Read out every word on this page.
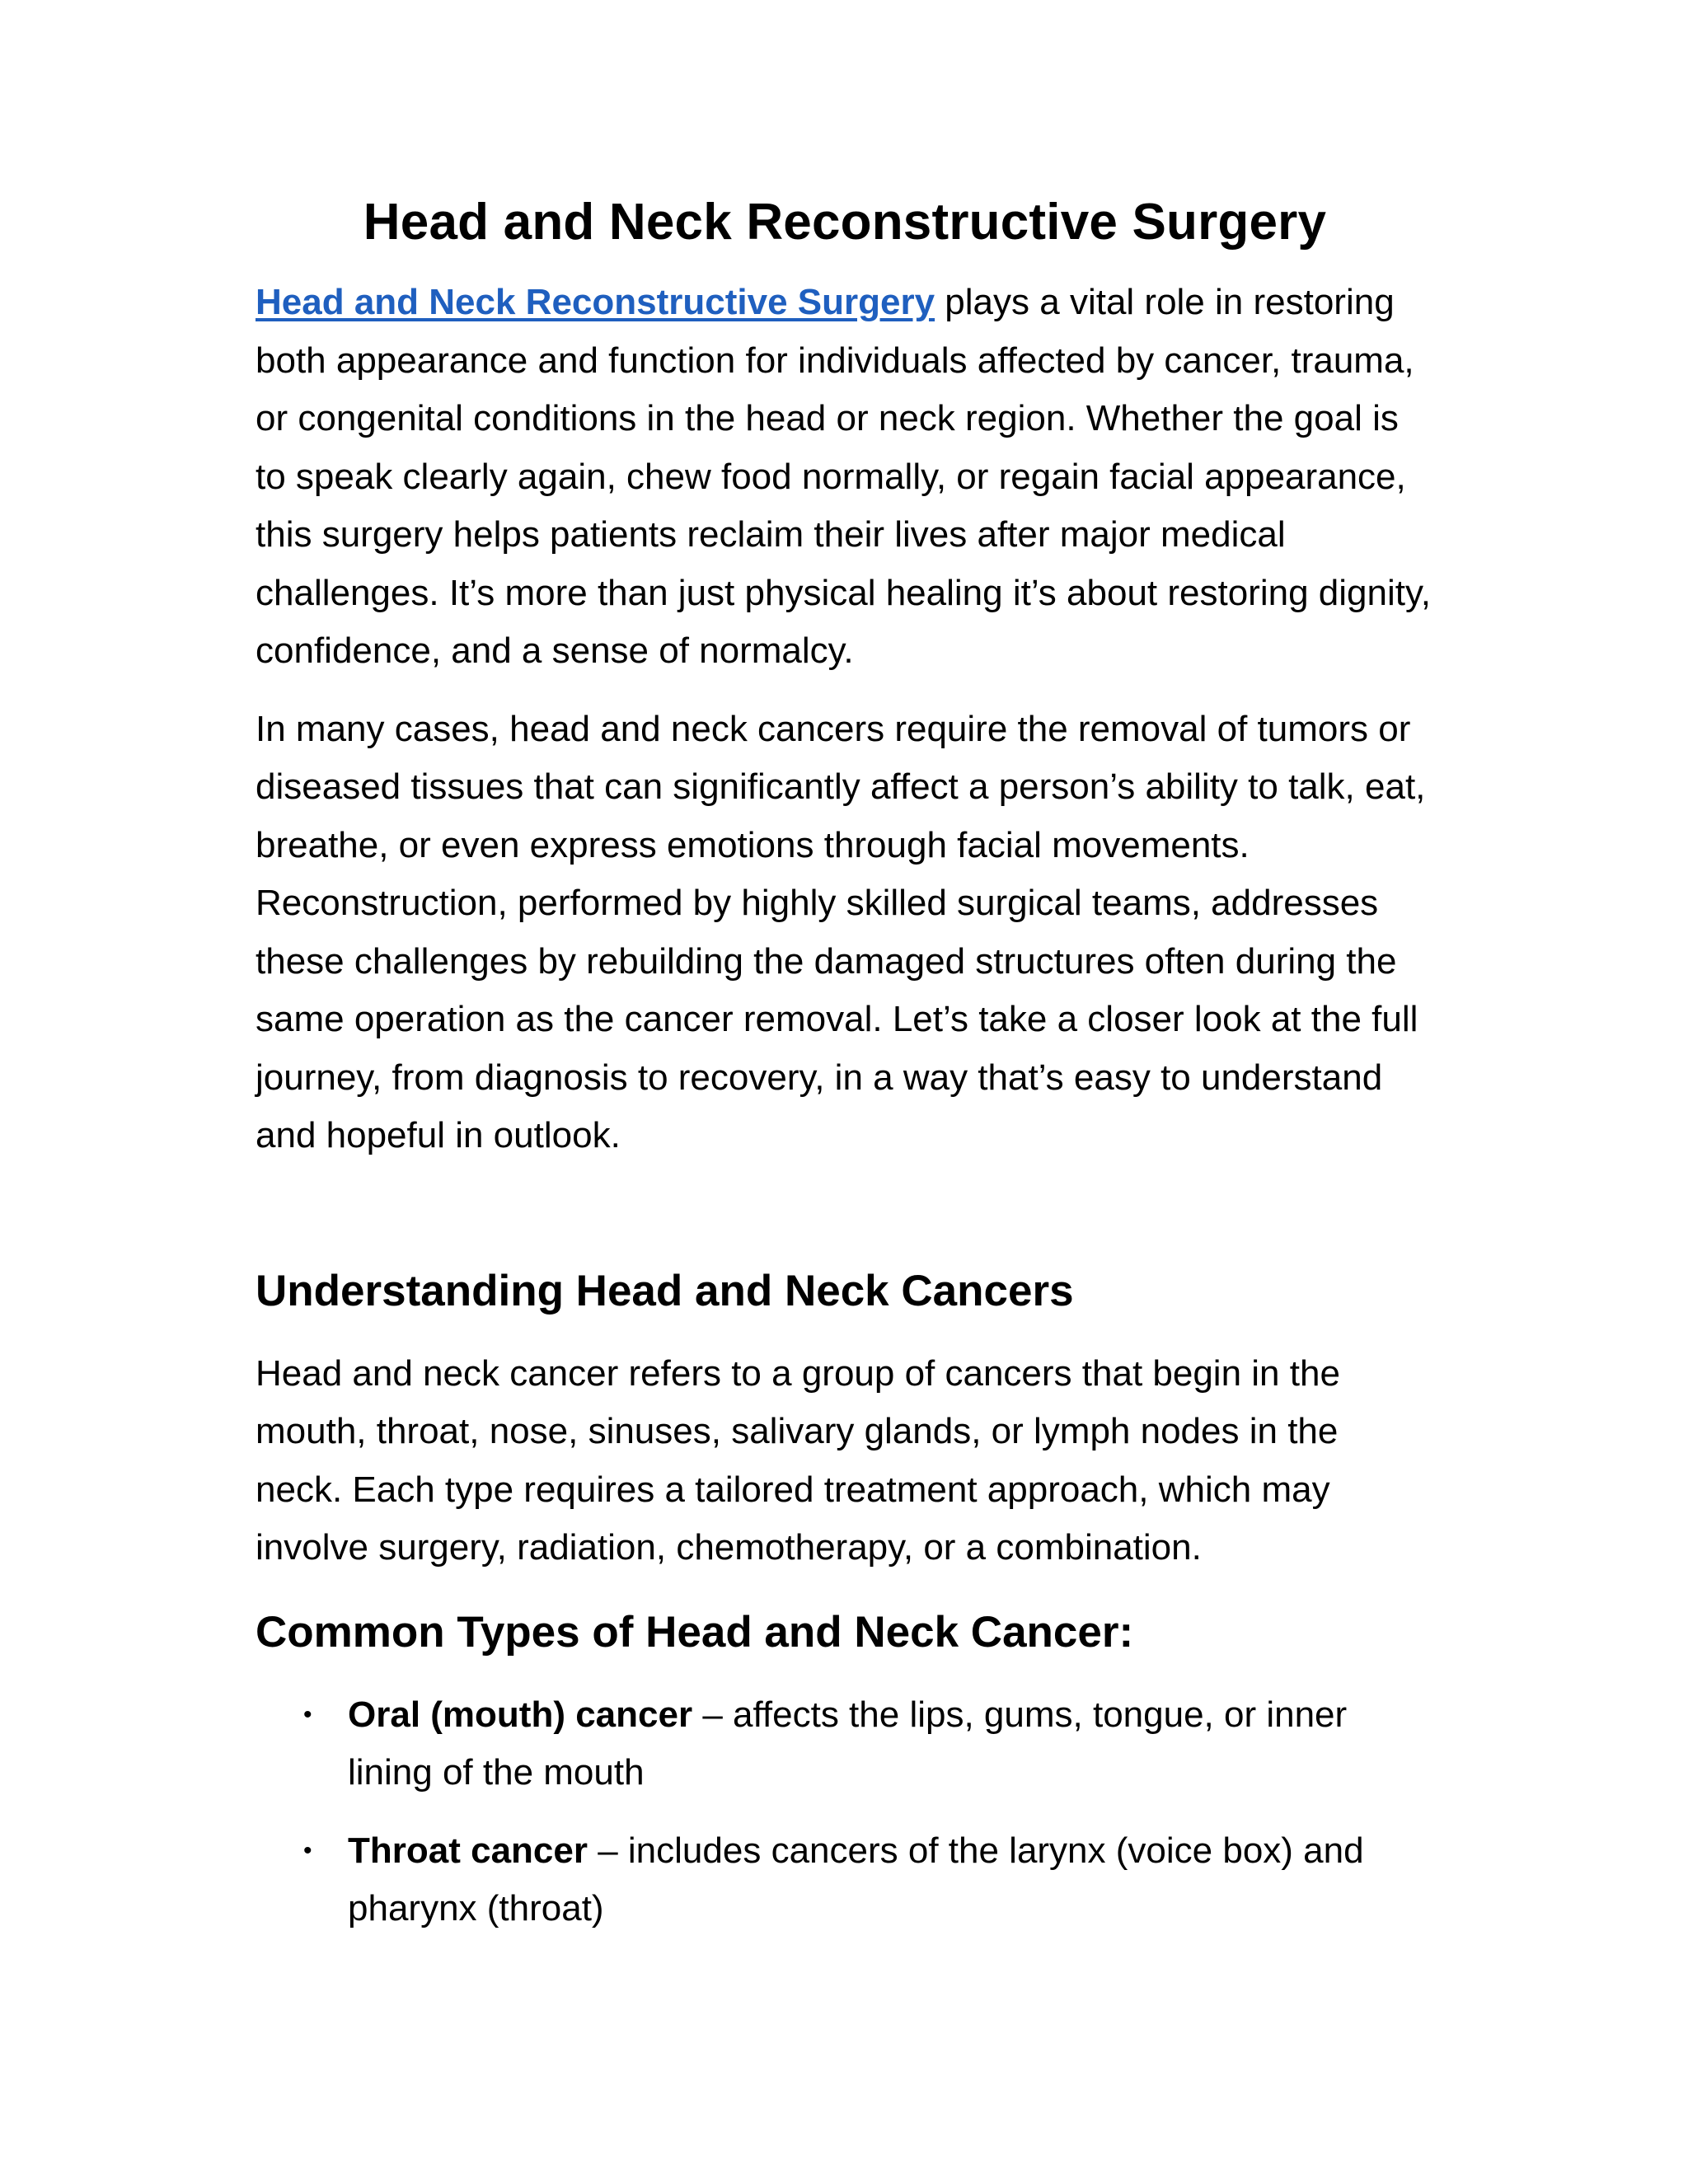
Head and Neck Reconstructive Surgery

Head and Neck Reconstructive Surgery plays a vital role in restoring both appearance and function for individuals affected by cancer, trauma, or congenital conditions in the head or neck region. Whether the goal is to speak clearly again, chew food normally, or regain facial appearance, this surgery helps patients reclaim their lives after major medical challenges. It’s more than just physical healing it’s about restoring dignity, confidence, and a sense of normalcy.

In many cases, head and neck cancers require the removal of tumors or diseased tissues that can significantly affect a person’s ability to talk, eat, breathe, or even express emotions through facial movements. Reconstruction, performed by highly skilled surgical teams, addresses these challenges by rebuilding the damaged structures often during the same operation as the cancer removal. Let’s take a closer look at the full journey, from diagnosis to recovery, in a way that’s easy to understand and hopeful in outlook.

Understanding Head and Neck Cancers

Head and neck cancer refers to a group of cancers that begin in the mouth, throat, nose, sinuses, salivary glands, or lymph nodes in the neck. Each type requires a tailored treatment approach, which may involve surgery, radiation, chemotherapy, or a combination.

Common Types of Head and Neck Cancer:
• Oral (mouth) cancer – affects the lips, gums, tongue, or inner lining of the mouth
• Throat cancer – includes cancers of the larynx (voice box) and pharynx (throat)
